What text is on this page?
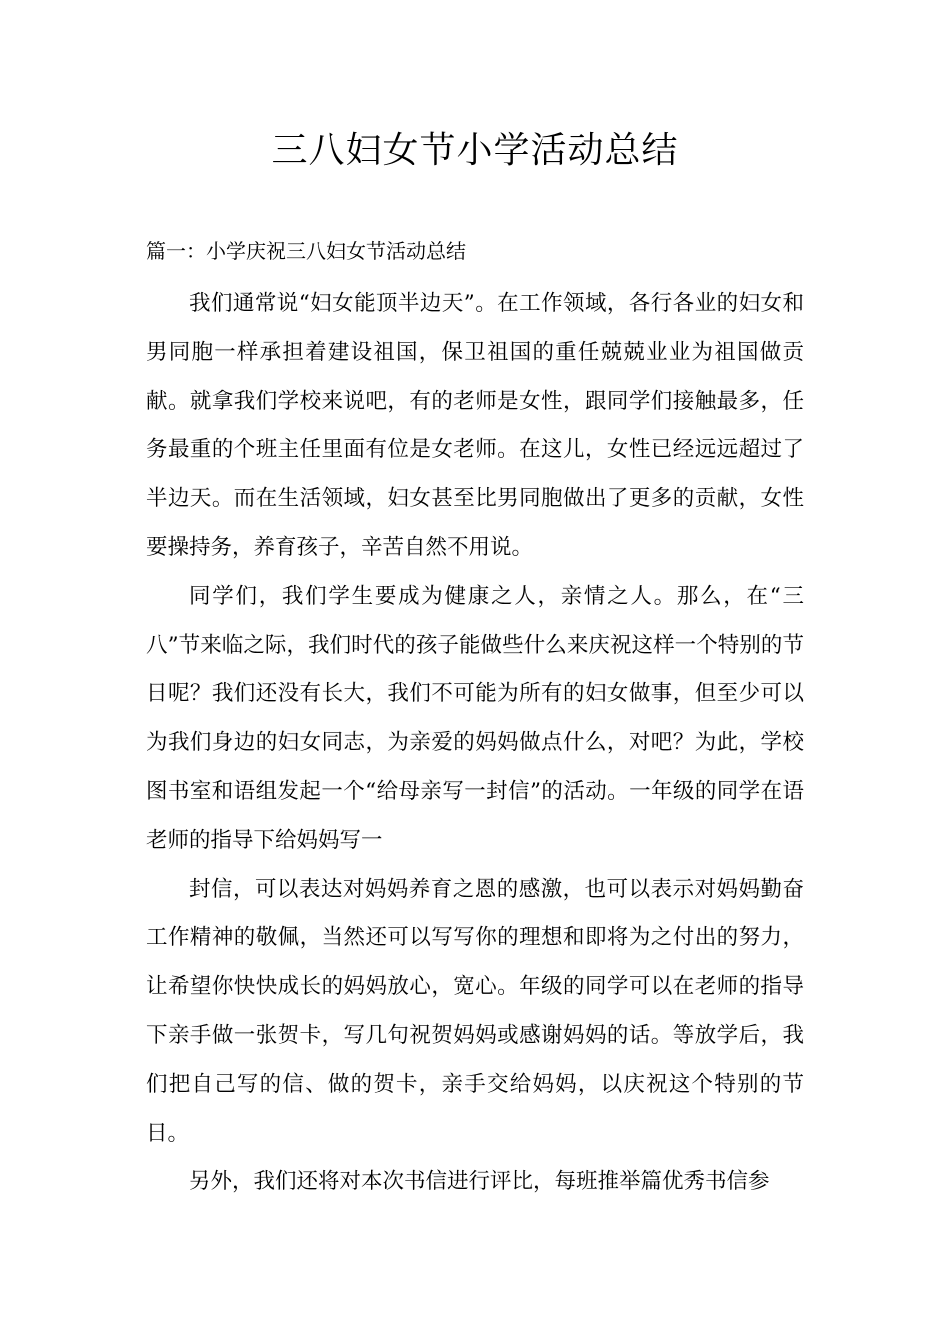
三八妇女节小学活动总结
篇一：小学庆祝三八妇女节活动总结

我们通常说“妇女能顶半边天”。在工作领域，各行各业的妇女和男同胞一样承担着建设祖国，保卫祖国的重任兢兢业业为祖国做贡献。就拿我们学校来说吧，有的老师是女性，跟同学们接触最多，任务最重的个班主任里面有位是女老师。在这儿，女性已经远远超过了半边天。而在生活领域，妇女甚至比男同胞做出了更多的贡献，女性要操持务，养育孩子，辛苦自然不用说。

同学们，我们学生要成为健康之人，亲情之人。那么，在“三八”节来临之际，我们时代的孩子能做些什么来庆祝这样一个特别的节日呢？我们还没有长大，我们不可能为所有的妇女做事，但至少可以为我们身边的妇女同志，为亲爱的妈妈做点什么，对吧？为此，学校图书室和语组发起一个“给母亲写一封信”的活动。一年级的同学在语老师的指导下给妈妈写一

封信，可以表达对妈妈养育之恩的感激，也可以表示对妈妈勤奋工作精神的敬佩，当然还可以写写你的理想和即将为之付出的努力，让希望你快快成长的妈妈放心，宽心。年级的同学可以在老师的指导下亲手做一张贺卡，写几句祝贺妈妈或感谢妈妈的话。等放学后，我们把自己写的信、做的贺卡，亲手交给妈妈，以庆祝这个特别的节日。

另外，我们还将对本次书信进行评比，每班推举篇优秀书信参
